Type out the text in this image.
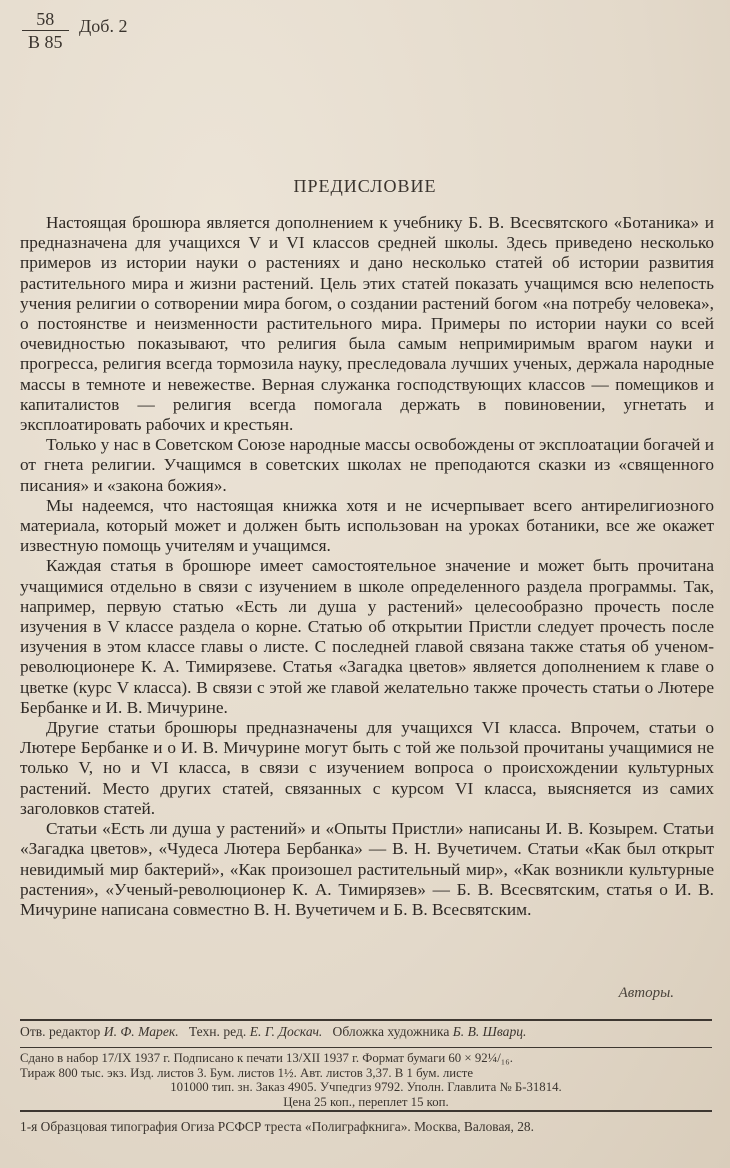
$\frac{58}{В 85}$ Доб. 2
ПРЕДИСЛОВИЕ

Настоящая брошюра является дополнением к учебнику Б. В. Всесвятского «Ботаника» и предназначена для учащихся V и VI классов средней школы. Здесь приведено несколько примеров из истории науки о растениях и дано несколько статей об истории развития растительного мира и жизни растений. Цель этих статей показать учащимся всю нелепость учения религии о сотворении мира богом, о создании растений богом «на потребу человека», о постоянстве и неизменности растительного мира. Примеры по истории науки со всей очевидностью показывают, что религия была самым непримиримым врагом науки и прогресса, религия всегда тормозила науку, преследовала лучших ученых, держала народные массы в темноте и невежестве. Верная служанка господствующих классов — помещиков и капиталистов — религия всегда помогала держать в повиновении, угнетать и эксплоатировать рабочих и крестьян.

Только у нас в Советском Союзе народные массы освобождены от эксплоатации богачей и от гнета религии. Учащимся в советских школах не преподаются сказки из «священного писания» и «закона божия».

Мы надеемся, что настоящая книжка хотя и не исчерпывает всего антирелигиозного материала, который может и должен быть использован на уроках ботаники, все же окажет известную помощь учителям и учащимся.

Каждая статья в брошюре имеет самостоятельное значение и может быть прочитана учащимися отдельно в связи с изучением в школе определенного раздела программы. Так, например, первую статью «Есть ли душа у растений» целесообразно прочесть после изучения в V классе раздела о корне. Статью об открытии Пристли следует прочесть после изучения в этом классе главы о листе. С последней главой связана также статья об ученом-революционере К. А. Тимирязеве. Статья «Загадка цветов» является дополнением к главе о цветке (курс V класса). В связи с этой же главой желательно также прочесть статьи о Лютере Бербанке и И. В. Мичурине.

Другие статьи брошюры предназначены для учащихся VI класса. Впрочем, статьи о Лютере Бербанке и о И. В. Мичурине могут быть с той же пользой прочитаны учащимися не только V, но и VI класса, в связи с изучением вопроса о происхождении культурных растений. Место других статей, связанных с курсом VI класса, выясняется из самих заголовков статей.

Статьи «Есть ли душа у растений» и «Опыты Пристли» написаны И. В. Козырем. Статьи «Загадка цветов», «Чудеса Лютера Бербанка» — В. Н. Вучетичем. Статьи «Как был открыт невидимый мир бактерий», «Как произошел растительный мир», «Как возникли культурные растения», «Ученый-революционер К. А. Тимирязев» — Б. В. Всесвятским, статья о И. В. Мичурине написана совместно В. Н. Вучетичем и Б. В. Всесвятским.

Авторы.
Отв. редактор И. Ф. Марек. Техн. ред. Е. Г. Доскач. Обложка художника Б. В. Шварц.
Сдано в набор 17/IX 1937 г. Подписано к печати 13/XII 1937 г. Формат бумаги 60 × 92¼/₁₆.
Тираж 800 тыс. экз. Изд. листов 3. Бум. листов 1½. Авт. листов 3,37. В 1 бум. листе
101000 тип. зн. Заказ 4905. Учпедгиз 9792. Уполн. Главлита № Б-31814.
Цена 25 коп., переплет 15 коп.
1-я Образцовая типография Огиза РСФСР треста «Полиграфкнига». Москва, Валовая, 28.
